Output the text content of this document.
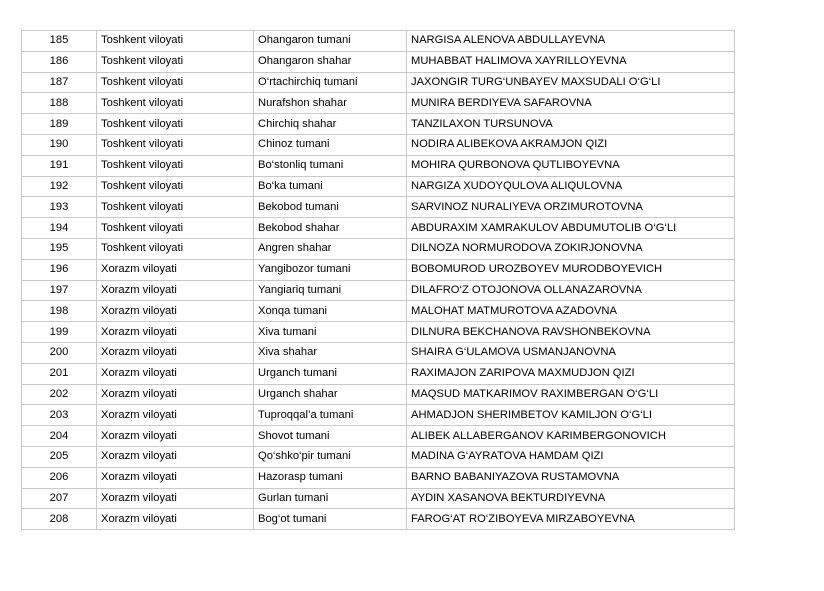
185	Toshkent viloyati	Ohangaron tumani	NARGISA ALENOVA ABDULLAYEVNA
186	Toshkent viloyati	Ohangaron shahar	MUHABBAT HALIMOVA XAYRILLOYEVNA
187	Toshkent viloyati	O‘rtachirchiq tumani	JAXONGIR TURG‘UNBAYEV MAXSUDALI O‘G‘LI
188	Toshkent viloyati	Nurafshon shahar	MUNIRA BERDIYEVA SAFAROVNA
189	Toshkent viloyati	Chirchiq shahar	TANZILAXON TURSUNOVA
190	Toshkent viloyati	Chinoz tumani	NODIRA ALIBEKOVA AKRAMJON QIZI
191	Toshkent viloyati	Bo‘stonliq tumani	MOHIRA QURBONOVA QUTLIBOYEVNA
192	Toshkent viloyati	Bo‘ka tumani	NARGIZA XUDOYQULOVA ALIQULOVNA
193	Toshkent viloyati	Bekobod tumani	SARVINOZ NURALIYEVA ORZIMUROTOVNA
194	Toshkent viloyati	Bekobod shahar	ABDURAXIM XAMRAKULOV ABDUMUTOLIB O‘G‘LI
195	Toshkent viloyati	Angren shahar	DILNOZA NORMURODOVA ZOKIRJONOVNA
196	Xorazm viloyati	Yangibozor tumani	BOBOMUROD UROZBOYEV MURODBOYEVICH
197	Xorazm viloyati	Yangiariq tumani	DILAFRO‘Z OTOJONOVA OLLANAZAROVNA
198	Xorazm viloyati	Xonqa tumani	MALOHAT MATMUROTOVA AZADOVNA
199	Xorazm viloyati	Xiva tumani	DILNURA BEKCHANOVA RAVSHONBEKOVNA
200	Xorazm viloyati	Xiva shahar	SHAIRA G‘ULAMOVA USMANJANOVNA
201	Xorazm viloyati	Urganch tumani	RAXIMAJON ZARIPOVA MAXMUDJON QIZI
202	Xorazm viloyati	Urganch shahar	MAQSUD MATKARIMOV RAXIMBERGAN O‘G‘LI
203	Xorazm viloyati	Tuproqqal’a tumani	AHMADJON SHERIMBETOV KAMILJON O‘G‘LI
204	Xorazm viloyati	Shovot tumani	ALIBEK ALLABERGANOV KARIMBERGONOVICH
205	Xorazm viloyati	Qo‘shko‘pir tumani	MADINA G‘AYRATOVA HAMDAM QIZI
206	Xorazm viloyati	Hazorasp tumani	BARNO BABANIYAZOVA RUSTAMOVNA
207	Xorazm viloyati	Gurlan tumani	AYDIN XASANOVA BEKTURDIYEVNA
208	Xorazm viloyati	Bog‘ot tumani	FAROG‘AT RO‘ZIBOYEVA MIRZABOYEVNA
